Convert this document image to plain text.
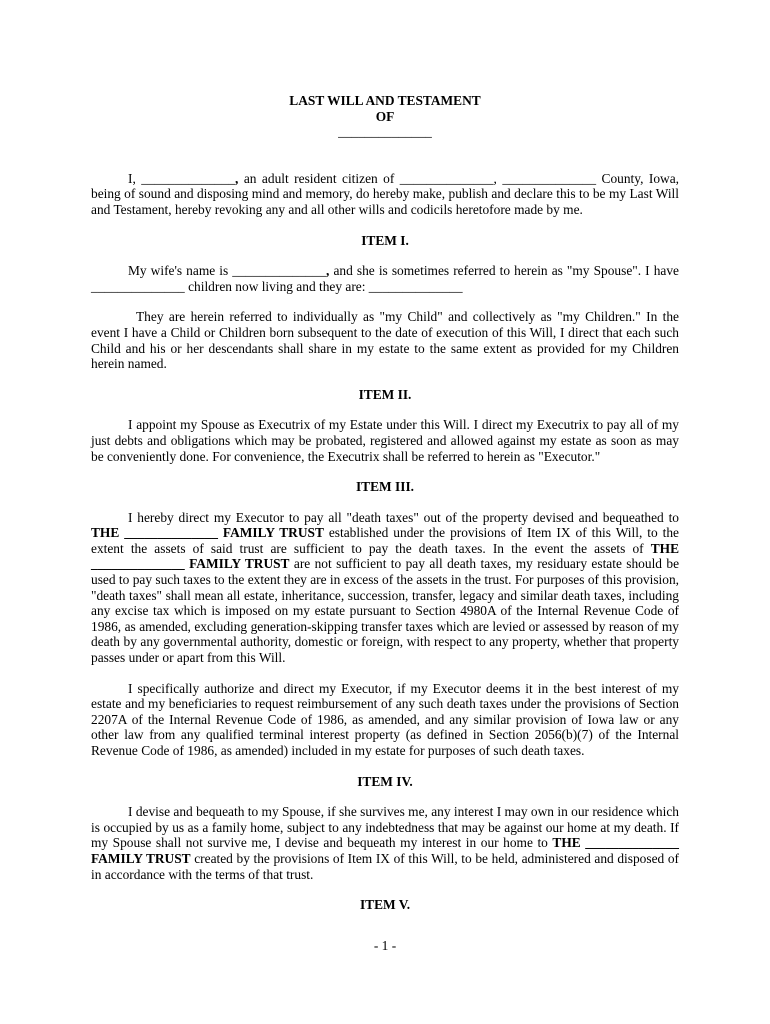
LAST WILL AND TESTAMENT
OF
______________

I, ______________, an adult resident citizen of ______________, ______________ County, Iowa, being of sound and disposing mind and memory, do hereby make, publish and declare this to be my Last Will and Testament, hereby revoking any and all other wills and codicils heretofore made by me.

ITEM I.

My wife's name is ______________, and she is sometimes referred to herein as "my Spouse". I have ______________ children now living and they are: ______________

They are herein referred to individually as "my Child" and collectively as "my Children." In the event I have a Child or Children born subsequent to the date of execution of this Will, I direct that each such Child and his or her descendants shall share in my estate to the same extent as provided for my Children herein named.

ITEM II.

I appoint my Spouse as Executrix of my Estate under this Will. I direct my Executrix to pay all of my just debts and obligations which may be probated, registered and allowed against my estate as soon as may be conveniently done. For convenience, the Executrix shall be referred to herein as "Executor."

ITEM III.

I hereby direct my Executor to pay all "death taxes" out of the property devised and bequeathed to THE ______________ FAMILY TRUST established under the provisions of Item IX of this Will, to the extent the assets of said trust are sufficient to pay the death taxes. In the event the assets of THE ______________ FAMILY TRUST are not sufficient to pay all death taxes, my residuary estate should be used to pay such taxes to the extent they are in excess of the assets in the trust. For purposes of this provision, "death taxes" shall mean all estate, inheritance, succession, transfer, legacy and similar death taxes, including any excise tax which is imposed on my estate pursuant to Section 4980A of the Internal Revenue Code of 1986, as amended, excluding generation-skipping transfer taxes which are levied or assessed by reason of my death by any governmental authority, domestic or foreign, with respect to any property, whether that property passes under or apart from this Will.

I specifically authorize and direct my Executor, if my Executor deems it in the best interest of my estate and my beneficiaries to request reimbursement of any such death taxes under the provisions of Section 2207A of the Internal Revenue Code of 1986, as amended, and any similar provision of Iowa law or any other law from any qualified terminal interest property (as defined in Section 2056(b)(7) of the Internal Revenue Code of 1986, as amended) included in my estate for purposes of such death taxes.

ITEM IV.

I devise and bequeath to my Spouse, if she survives me, any interest I may own in our residence which is occupied by us as a family home, subject to any indebtedness that may be against our home at my death. If my Spouse shall not survive me, I devise and bequeath my interest in our home to THE ______________ FAMILY TRUST created by the provisions of Item IX of this Will, to be held, administered and disposed of in accordance with the terms of that trust.

ITEM V.
- 1 -
